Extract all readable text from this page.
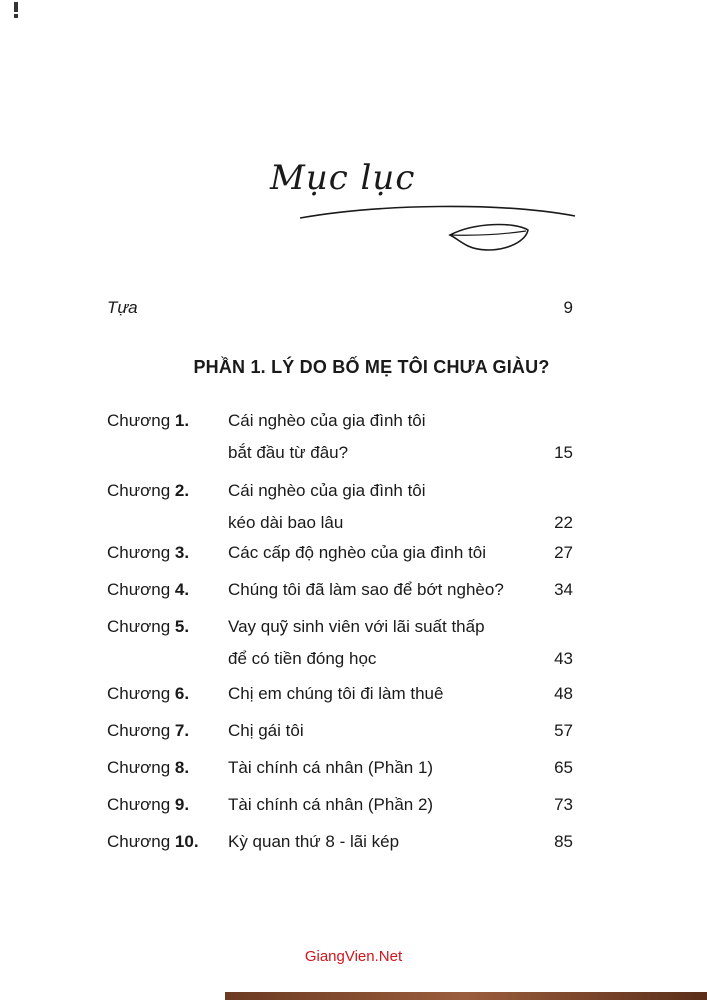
Mục lục
Tựa	9
PHẦN 1. LÝ DO BỐ MẸ TÔI CHƯA GIÀU?
Chương 1. Cái nghèo của gia đình tôi
bắt đầu từ đâu?	15
Chương 2. Cái nghèo của gia đình tôi
kéo dài bao lâu	22
Chương 3. Các cấp độ nghèo của gia đình tôi	27
Chương 4. Chúng tôi đã làm sao để bớt nghèo?	34
Chương 5. Vay quỹ sinh viên với lãi suất thấp
để có tiền đóng học	43
Chương 6. Chị em chúng tôi đi làm thuê	48
Chương 7. Chị gái tôi	57
Chương 8. Tài chính cá nhân (Phần 1)	65
Chương 9. Tài chính cá nhân (Phần 2)	73
Chương 10. Kỳ quan thứ 8 - lãi kép	85
GiangVien.Net
